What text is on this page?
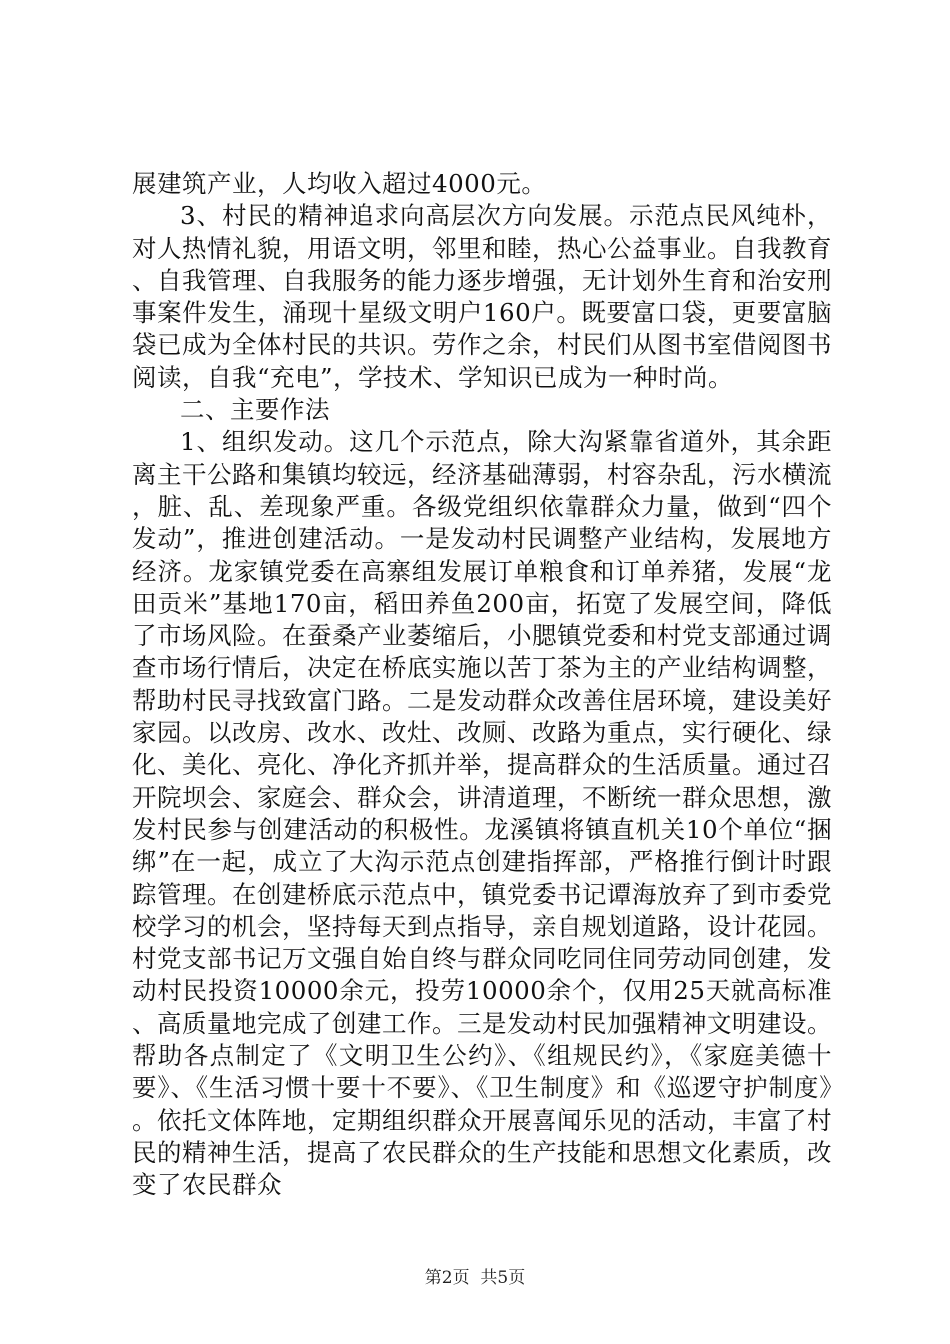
展建筑产业，人均收入超过4000元。

3、村民的精神追求向高层次方向发展。示范点民风纯朴，对人热情礼貌，用语文明，邻里和睦，热心公益事业。自我教育、自我管理、自我服务的能力逐步增强，无计划外生育和治安刑事案件发生，涌现十星级文明户160户。既要富口袋，更要富脑袋已成为全体村民的共识。劳作之余，村民们从图书室借阅图书阅读，自我“充电”，学技术、学知识已成为一种时尚。

二、主要作法

1、组织发动。这几个示范点，除大沟紧靠省道外，其余距离主干公路和集镇均较远，经济基础薄弱，村容杂乱，污水横流，脏、乱、差现象严重。各级党组织依靠群众力量，做到“四个发动”，推进创建活动。一是发动村民调整产业结构，发展地方经济。龙家镇党委在高寨组发展订单粮食和订单养猪，发展“龙田贡米”基地170亩，稻田养鱼200亩，拓宽了发展空间，降低了市场风险。在蚕桑产业萎缩后，小腮镇党委和村党支部通过调查市场行情后，决定在桥底实施以苦丁茶为主的产业结构调整，帮助村民寻找致富门路。二是发动群众改善住居环境，建设美好家园。以改房、改水、改灶、改厕、改路为重点，实行硬化、绿化、美化、亮化、净化齐抓并举，提高群众的生活质量。通过召开院坝会、家庭会、群众会，讲清道理，不断统一群众思想，激发村民参与创建活动的积极性。龙溪镇将镇直机关10个单位“捆绑”在一起，成立了大沟示范点创建指挥部，严格推行倒计时跟踪管理。在创建桥底示范点中，镇党委书记谭海放弃了到市委党校学习的机会，坚持每天到点指导，亲自规划道路，设计花园。村党支部书记万文强自始自终与群众同吃同住同劳动同创建，发动村民投资10000余元，投劳10000余个，仅用25天就高标准、高质量地完成了创建工作。三是发动村民加强精神文明建设。帮助各点制定了《文明卫生公约》、《组规民约》，《家庭美德十要》、《生活习惯十要十不要》、《卫生制度》和《巡逻守护制度》。依托文体阵地，定期组织群众开展喜闻乐见的活动，丰富了村民的精神生活，提高了农民群众的生产技能和思想文化素质，改变了农民群众

第2页  共5页
